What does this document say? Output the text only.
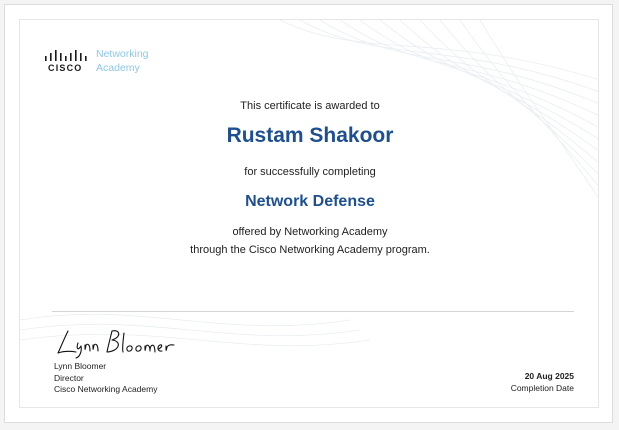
CISCO
Networking
Academy
This certificate is awarded to
Rustam Shakoor
for successfully completing
Network Defense
offered by Networking Academy
through the Cisco Networking Academy program.
Lynn Bloomer
Director
Cisco Networking Academy
20 Aug 2025
Completion Date
